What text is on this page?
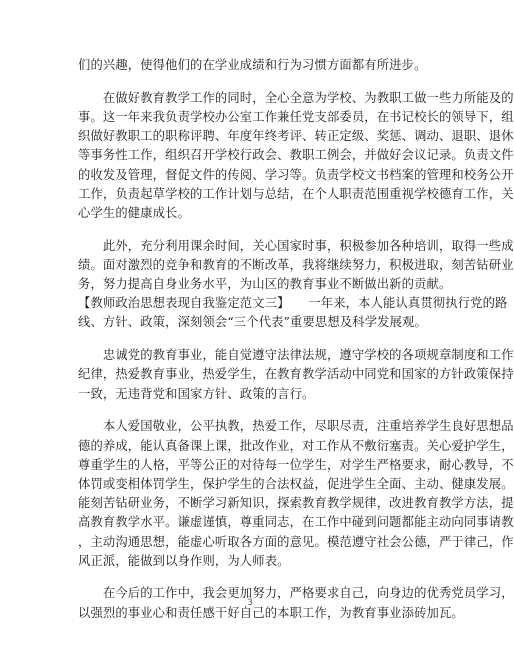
们的兴趣，使得他们的在学业成绩和行为习惯方面都有所进步。
　　在做好教育教学工作的同时，全心全意为学校、为教职工做一些力所能及的
事。这一年来我负责学校办公室工作兼任党支部委员，在书记校长的领导下，组
织做好教职工的职称评聘、年度年终考评、转正定级、奖惩、调动、退职、退休
等事务性工作，组织召开学校行政会、教职工例会，并做好会议记录。负责文件
的收发及管理，督促文件的传阅、学习等。负责学校文书档案的管理和校务公开
工作，负责起草学校的工作计划与总结，在个人职责范围重视学校德育工作，关
心学生的健康成长。
　　此外，充分利用课余时间，关心国家时事，积极参加各种培训，取得一些成
绩。面对激烈的竞争和教育的不断改革，我将继续努力，积极进取，刻苦钻研业
务，努力提高自身业务水平，为山区的教育事业不断做出新的贡献。
【教师政治思想表现自我鉴定范文三】　　一年来，本人能认真贯彻执行党的路
线、方针、政策，深刻领会“三个代表”重要思想及科学发展观。
　　忠诚党的教育事业，能自觉遵守法律法规，遵守学校的各项规章制度和工作
纪律，热爱教育事业，热爱学生，在教育教学活动中同党和国家的方针政策保持
一致，无违背党和国家方针、政策的言行。
　　本人爱国敬业，公平执教，热爱工作，尽职尽责，注重培养学生良好思想品
德的养成，能认真备课上课，批改作业，对工作从不敷衍塞责。关心爱护学生，
尊重学生的人格，平等公正的对待每一位学生，对学生严格要求，耐心教导，不
体罚或变相体罚学生，保护学生的合法权益，促进学生全面、主动、健康发展。
能刻苦钻研业务，不断学习新知识，探索教育教学规律，改进教育教学方法，提
高教育教学水平。谦虚谨慎，尊重同志，在工作中碰到问题都能主动向同事请教
，主动沟通思想，能虚心听取各方面的意见。模范遵守社会公德，严于律己，作
风正派，能做到以身作则，为人师表。
　　在今后的工作中，我会更加努力，严格要求自己，向身边的优秀党员学习，
以强烈的事业心和责任感干好自己的本职工作，为教育事业添砖加瓦。
3
